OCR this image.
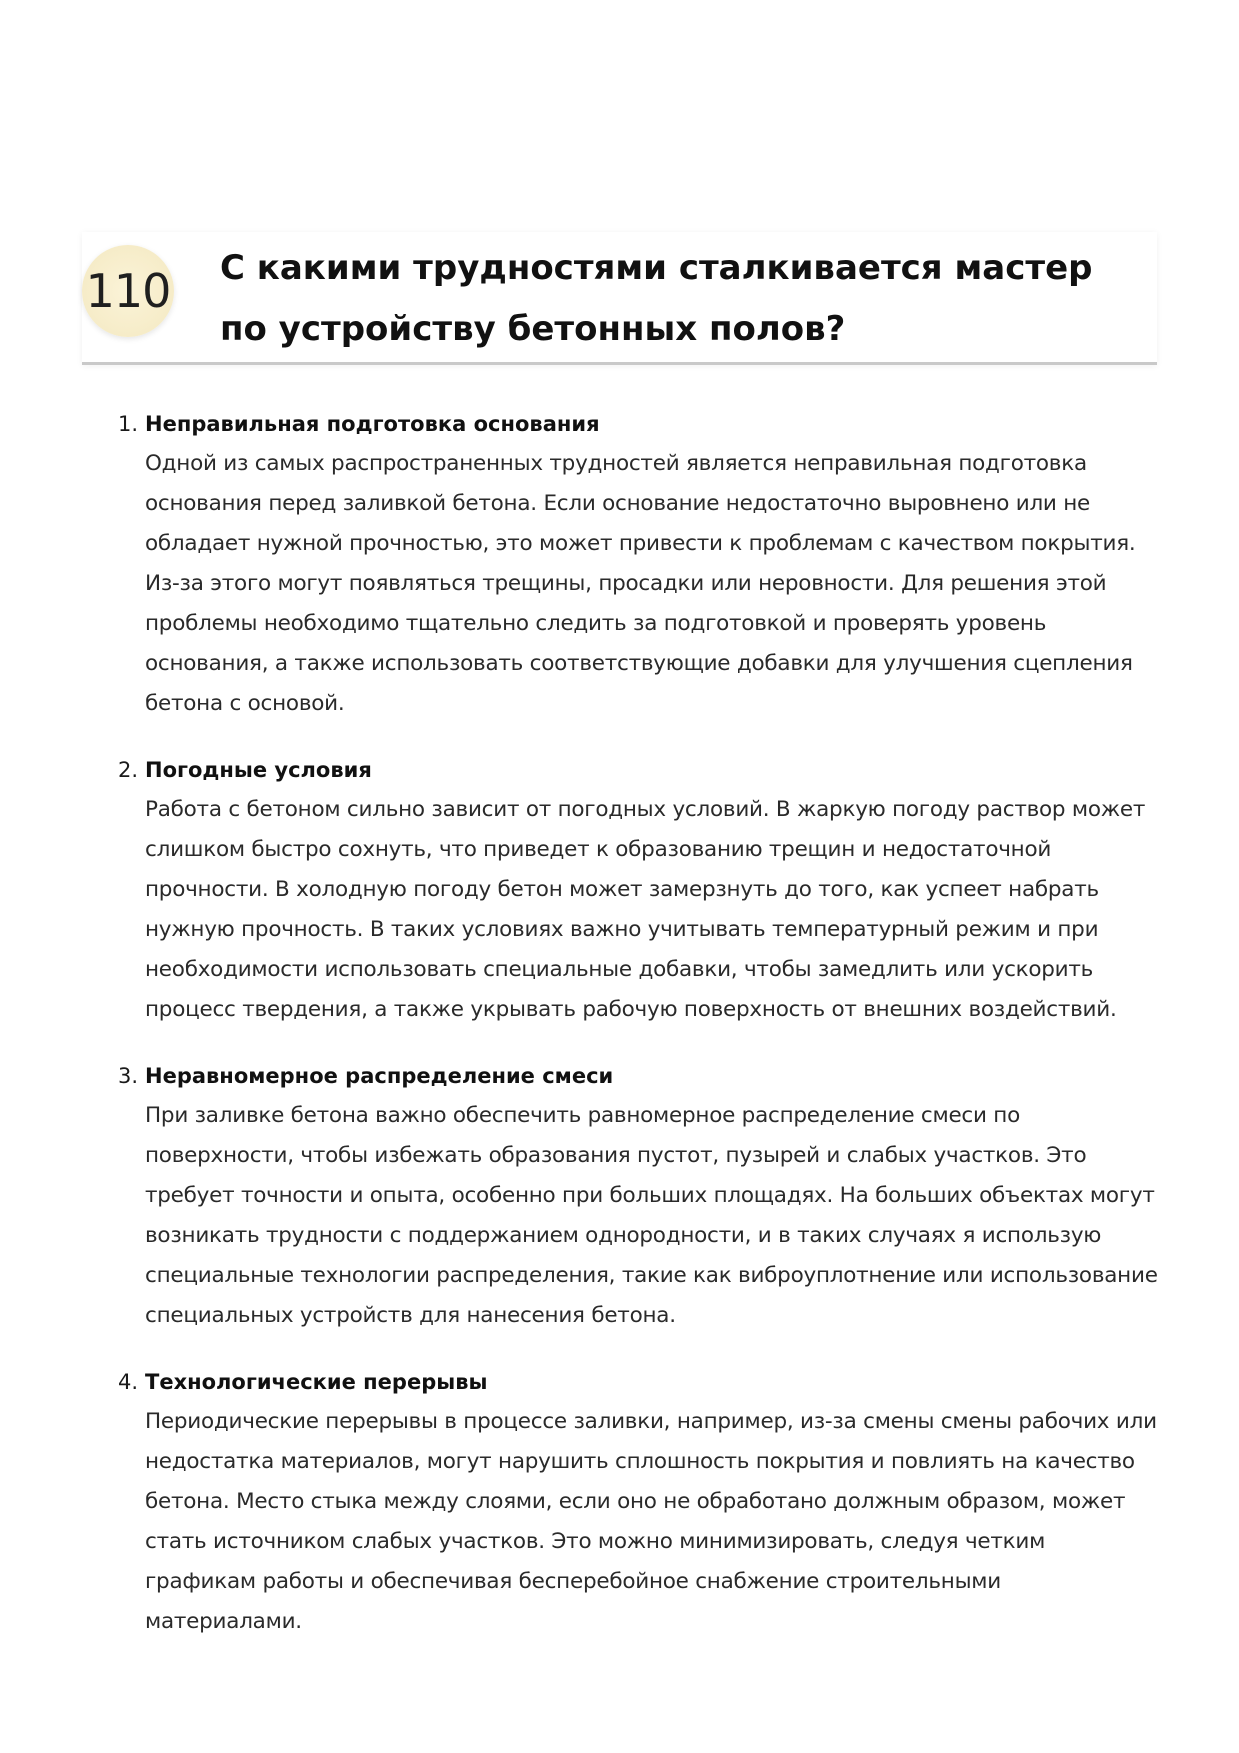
110 С какими трудностями сталкивается мастер по устройству бетонных полов?
1. Неправильная подготовка основания

Одной из самых распространенных трудностей является неправильная подготовка основания перед заливкой бетона. Если основание недостаточно выровнено или не обладает нужной прочностью, это может привести к проблемам с качеством покрытия. Из-за этого могут появляться трещины, просадки или неровности. Для решения этой проблемы необходимо тщательно следить за подготовкой и проверять уровень основания, а также использовать соответствующие добавки для улучшения сцепления бетона с основой.

2. Погодные условия

Работа с бетоном сильно зависит от погодных условий. В жаркую погоду раствор может слишком быстро сохнуть, что приведет к образованию трещин и недостаточной прочности. В холодную погоду бетон может замерзнуть до того, как успеет набрать нужную прочность. В таких условиях важно учитывать температурный режим и при необходимости использовать специальные добавки, чтобы замедлить или ускорить процесс твердения, а также укрывать рабочую поверхность от внешних воздействий.

3. Неравномерное распределение смеси

При заливке бетона важно обеспечить равномерное распределение смеси по поверхности, чтобы избежать образования пустот, пузырей и слабых участков. Это требует точности и опыта, особенно при больших площадях. На больших объектах могут возникать трудности с поддержанием однородности, и в таких случаях я использую специальные технологии распределения, такие как виброуплотнение или использование специальных устройств для нанесения бетона.

4. Технологические перерывы

Периодические перерывы в процессе заливки, например, из-за смены смены рабочих или недостатка материалов, могут нарушить сплошность покрытия и повлиять на качество бетона. Место стыка между слоями, если оно не обработано должным образом, может стать источником слабых участков. Это можно минимизировать, следуя четким графикам работы и обеспечивая бесперебойное снабжение строительными материалами.
